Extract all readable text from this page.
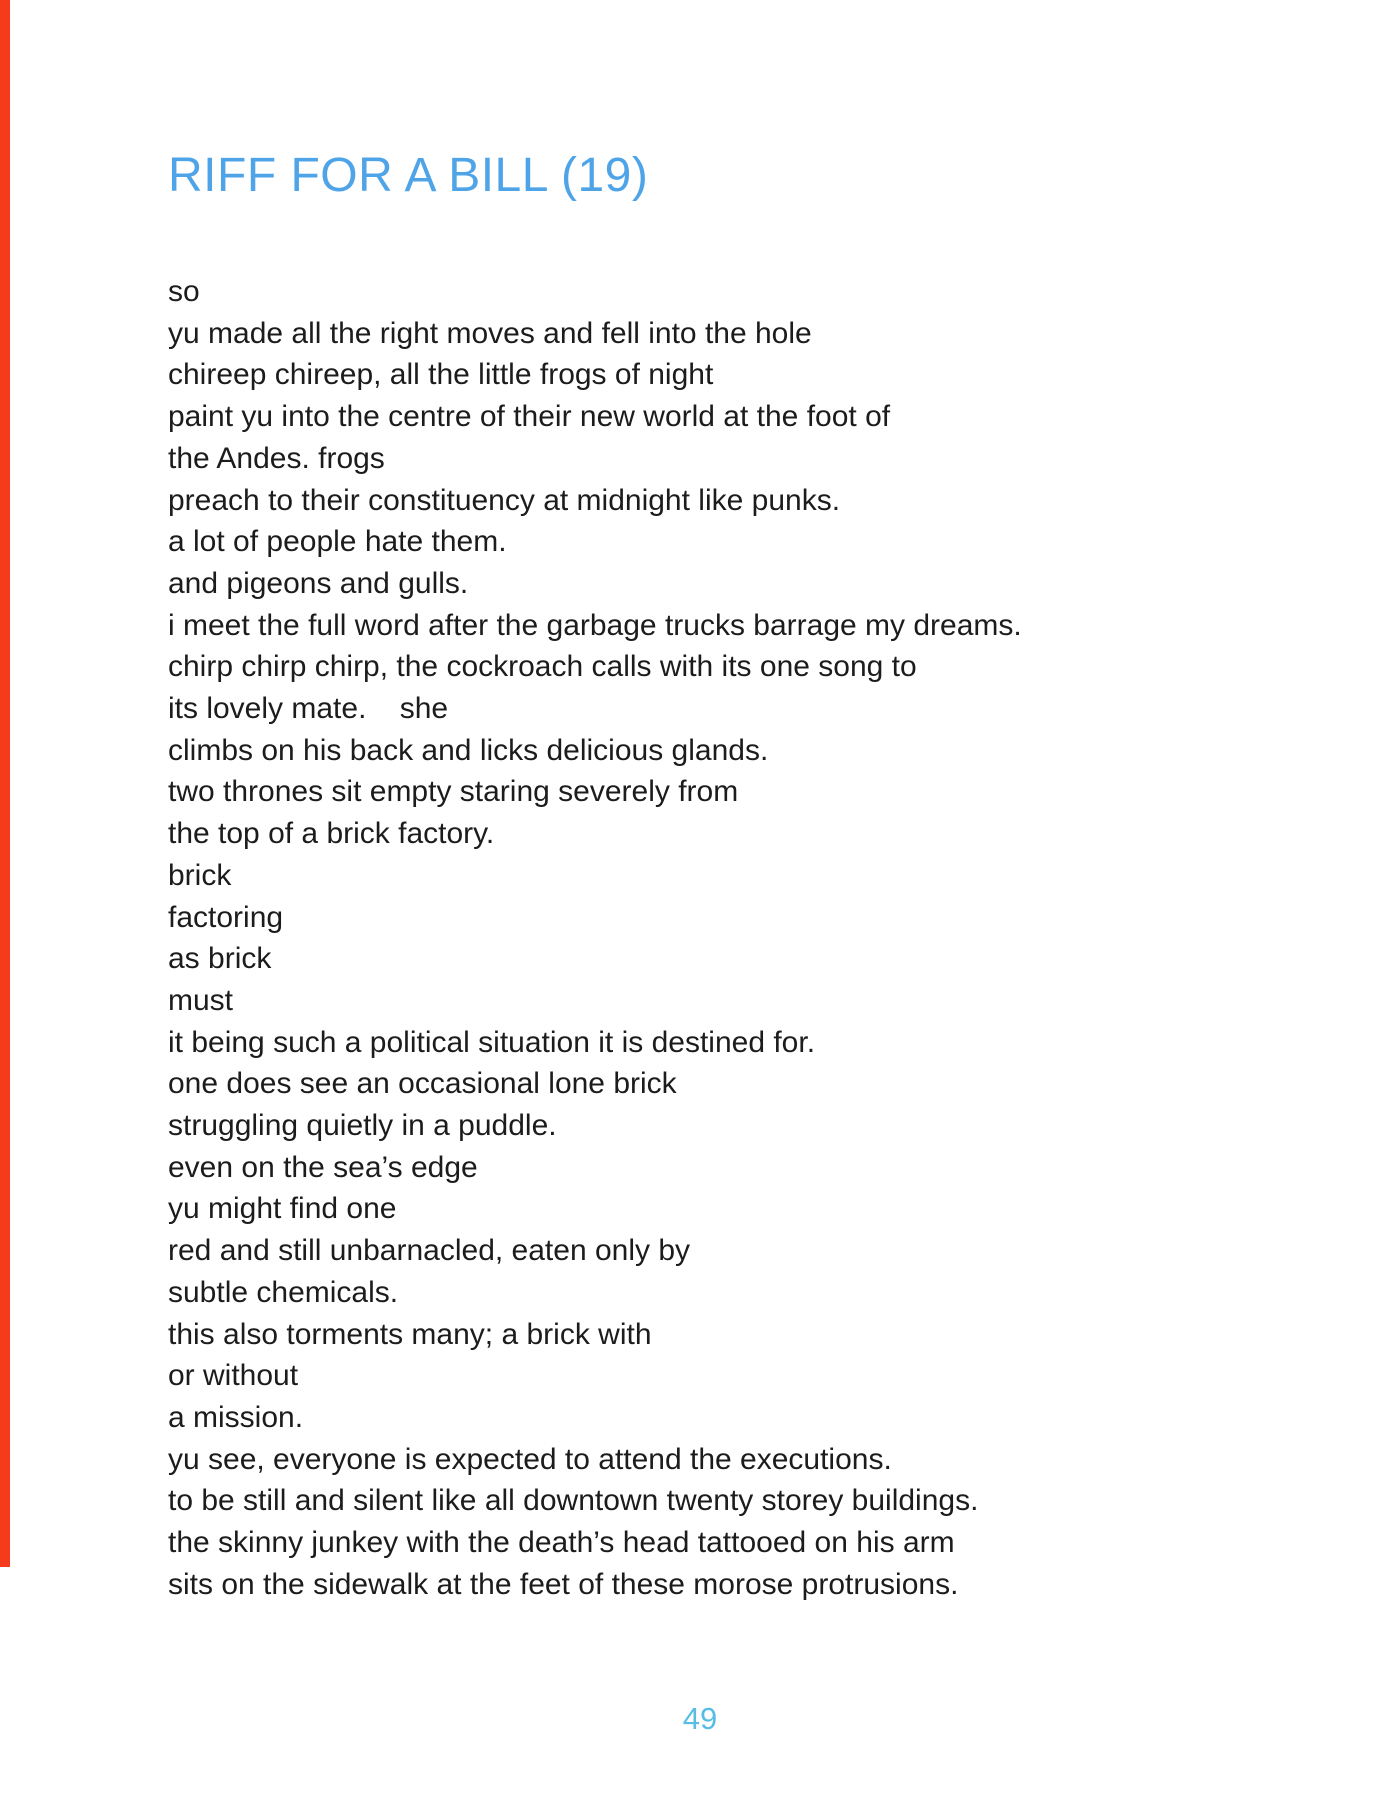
RIFF FOR A BILL (19)
so
yu made all the right moves and fell into the hole
chireep chireep, all the little frogs of night
paint yu into the centre of their new world at the foot of
the Andes. frogs
preach to their constituency at midnight like punks.
a lot of people hate them.
and pigeons and gulls.
i meet the full word after the garbage trucks barrage my dreams.
chirp chirp chirp, the cockroach calls with its one song to
its lovely mate.    she
climbs on his back and licks delicious glands.
two thrones sit empty staring severely from
the top of a brick factory.
brick
factoring
as brick
must
it being such a political situation it is destined for.
one does see an occasional lone brick
struggling quietly in a puddle.
even on the sea’s edge
yu might find one
red and still unbarnacled, eaten only by
subtle chemicals.
this also torments many; a brick with
or without
a mission.
yu see, everyone is expected to attend the executions.
to be still and silent like all downtown twenty storey buildings.
the skinny junkey with the death’s head tattooed on his arm
sits on the sidewalk at the feet of these morose protrusions.
49
